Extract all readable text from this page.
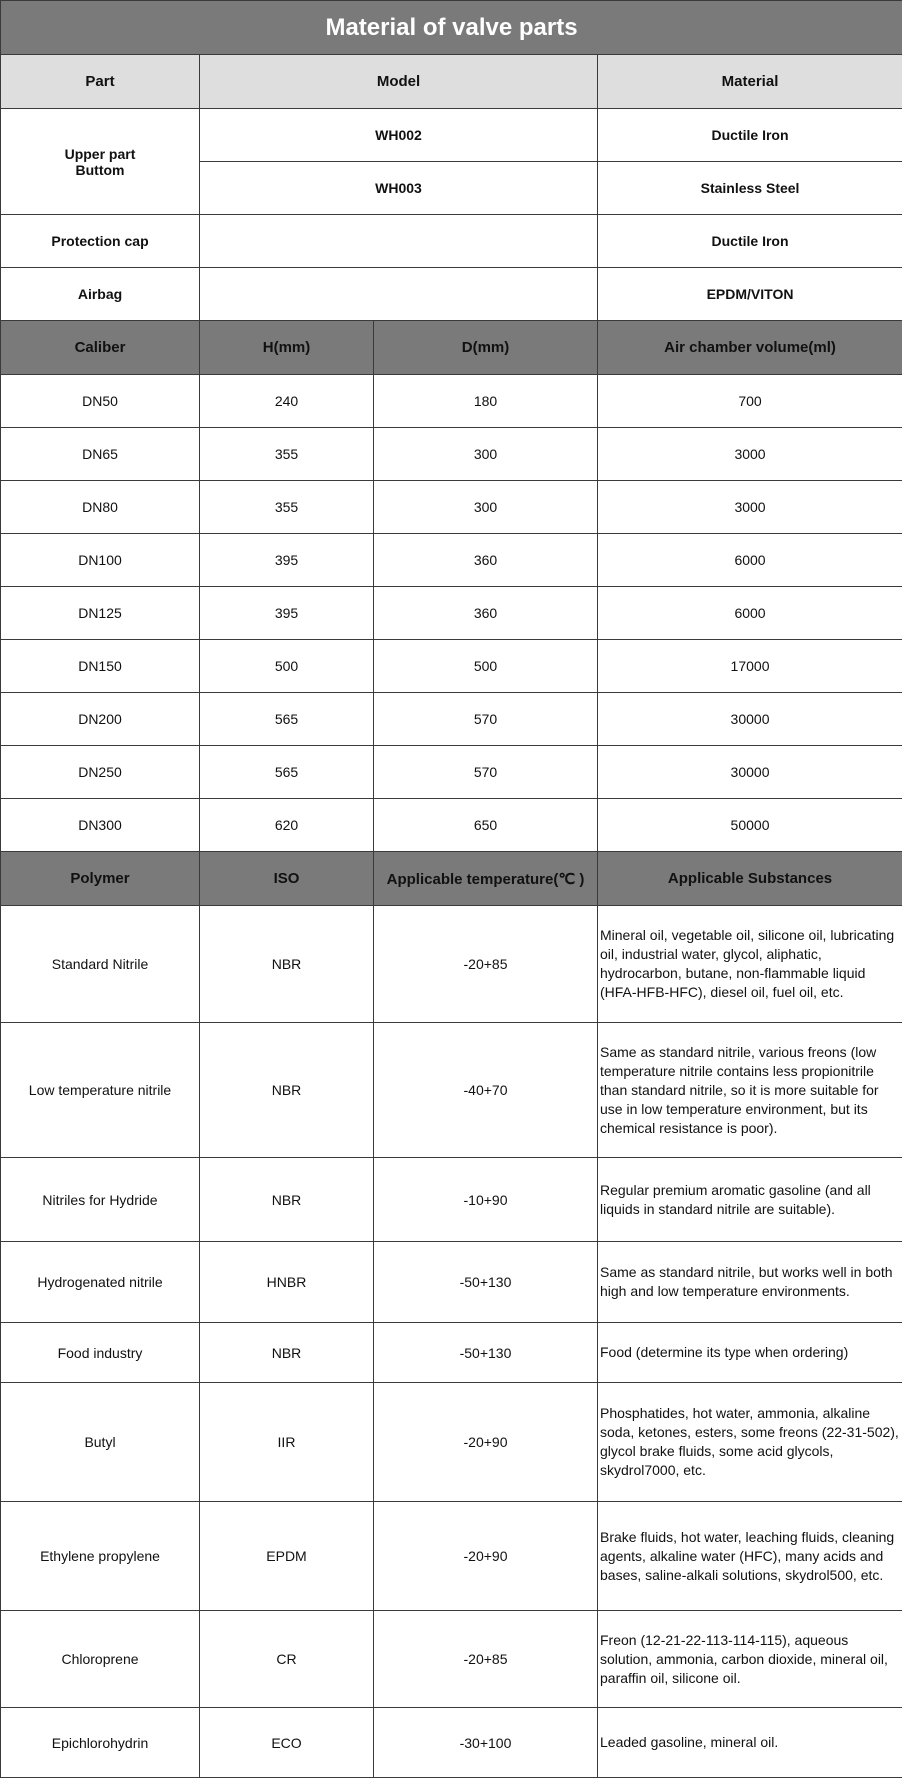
Material of valve parts			
Part	Model		Material
Upper part
Buttom	WH002		Ductile Iron
	WH003		Stainless Steel
Protection cap			Ductile Iron
Airbag			EPDM/VITON
Caliber	H(mm)	D(mm)	Air chamber volume(ml)
DN50	240	180	700
DN65	355	300	3000
DN80	355	300	3000
DN100	395	360	6000
DN125	395	360	6000
DN150	500	500	17000
DN200	565	570	30000
DN250	565	570	30000
DN300	620	650	50000
Polymer	ISO	Applicable temperature(℃ )	Applicable Substances
Standard Nitrile	NBR	-20+85	Mineral oil, vegetable oil, silicone oil, lubricating oil, industrial water, glycol, aliphatic, hydrocarbon, butane, non-flammable liquid (HFA-HFB-HFC), diesel oil, fuel oil, etc.
Low temperature nitrile	NBR	-40+70	Same as standard nitrile, various freons (low temperature nitrile contains less propionitrile than standard nitrile, so it is more suitable for use in low temperature environment, but its chemical resistance is poor).
Nitriles for Hydride	NBR	-10+90	Regular premium aromatic gasoline (and all liquids in standard nitrile are suitable).
Hydrogenated nitrile	HNBR	-50+130	Same as standard nitrile, but works well in both high and low temperature environments.
Food industry	NBR	-50+130	Food (determine its type when ordering)
Butyl	IIR	-20+90	Phosphatides, hot water, ammonia, alkaline soda, ketones, esters, some freons (22-31-502), glycol brake fluids, some acid glycols, skydrol7000, etc.
Ethylene propylene	EPDM	-20+90	Brake fluids, hot water, leaching fluids, cleaning agents, alkaline water (HFC), many acids and bases, saline-alkali solutions, skydrol500, etc.
Chloroprene	CR	-20+85	Freon (12-21-22-113-114-115), aqueous solution, ammonia, carbon dioxide, mineral oil, paraffin oil, silicone oil.
Epichlorohydrin	ECO	-30+100	Leaded gasoline, mineral oil.
